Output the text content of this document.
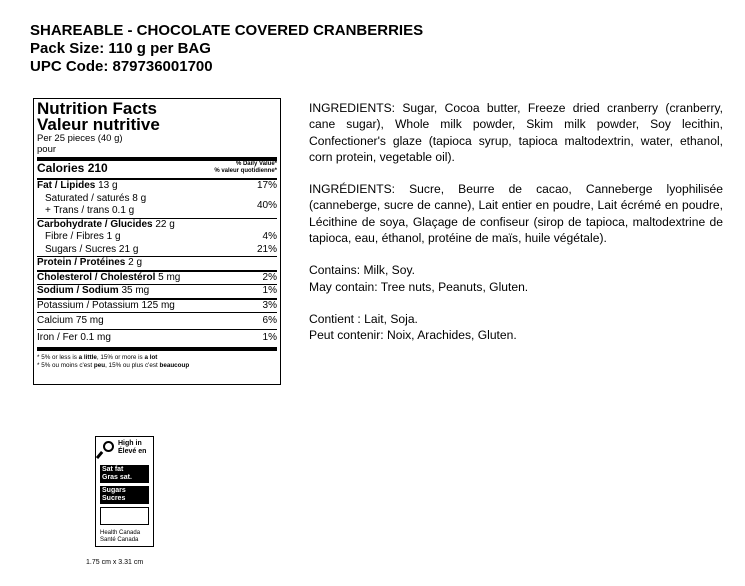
SHAREABLE - CHOCOLATE COVERED CRANBERRIES
Pack Size: 110 g per BAG
UPC Code: 879736001700
Nutrition Facts
Valeur nutritive
Per 25 pieces (40 g)
pour
Calories 210	% Daily Value*
% valeur quotidienne*
Fat / Lipides 13 g	17%
Saturated / saturés 8 g
+ Trans / trans 0.1 g	40%
Carbohydrate / Glucides 22 g
Fibre / Fibres 1 g	4%
Sugars / Sucres 21 g	21%
Protein / Protéines 2 g
Cholesterol / Cholestérol 5 mg	2%
Sodium / Sodium 35 mg	1%
Potassium / Potassium 125 mg	3%
Calcium 75 mg	6%
Iron / Fer 0.1 mg	1%
* 5% or less is a little, 15% or more is a lot
* 5% ou moins c'est peu, 15% ou plus c'est beaucoup

INGREDIENTS: Sugar, Cocoa butter, Freeze dried cranberry (cranberry, cane sugar), Whole milk powder, Skim milk powder, Soy lecithin, Confectioner's glaze (tapioca syrup, tapioca maltodextrin, water, ethanol, corn protein, vegetable oil).

INGRÉDIENTS: Sucre, Beurre de cacao, Canneberge lyophilisée (canneberge, sucre de canne), Lait entier en poudre, Lait écrémé en poudre, Lécithine de soya, Glaçage de confiseur (sirop de tapioca, maltodextrine de tapioca, eau, éthanol, protéine de maïs, huile végétale).

Contains: Milk, Soy.

May contain: Tree nuts, Peanuts, Gluten.

Contient : Lait, Soja.

Peut contenir: Noix, Arachides, Gluten.

High in
Élevé en
Sat fat
Gras sat.
Sugars
Sucres
Health Canada
Santé Canada
1.75 cm x 3.31 cm
